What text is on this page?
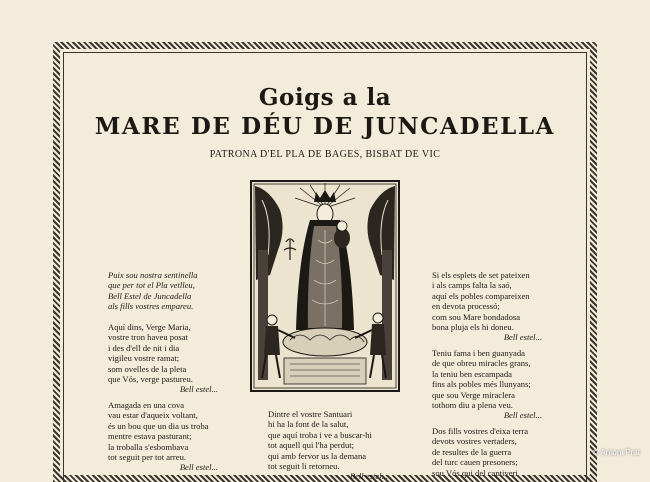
Goigs a la
MARE DE DÉU DE JUNCADELLA
PATRONA D'EL PLA DE BAGES, BISBAT DE VIC
Puix sou nostra sentinella
que per tot el Pla vetlleu,
Bell Estel de Juncadella
als fills vostres empareu.
Aquí dins, Verge Maria,
vostre tron haveu posat
i des d'ell de nit i dia
vigileu vostre ramat;
som ovelles de la pleta
que Vós, verge pastureu.
Bell estel...
Amagada en una cova
vau estar d'aqueix voltant,
és un bou que un dia us troba
mentre estava pasturant;
la troballa s'esbombava
tot seguit per tot arreu.
Bell estel...
Dintre el vostre Santuari
hi ha la font de la salut,
que aquí troba i ve a buscar-hi
tot aquell qui l'ha perdut;
qui amb fervor us la demana
tot seguit li retorneu.
Bell estel...
Si els esplets de set pateixen
i als camps falta la saó,
aquí els pobles compareixen
en devota processó;
com sou Mare bondadosa
bona pluja els hi doneu.
Bell estel...
Teniu fama i ben guanyada
de que obreu miracles grans,
la teniu ben escampada
fins als pobles més llunyans;
que sou Verge miraclera
tothom diu a plena veu.
Bell estel...
Dos fills vostres d'eixa terra
devots vostres vertaders,
de resultes de la guerra
del turc cauen presoners;
sou Vós qui del captiveri
© Antoni Prat
